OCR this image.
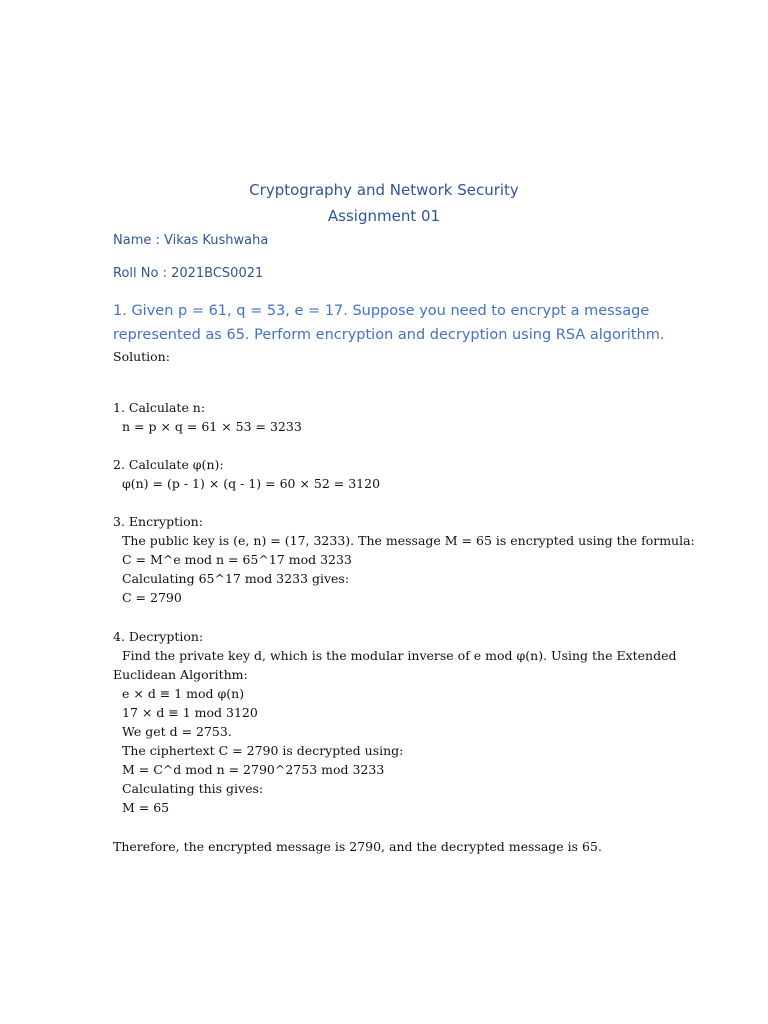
Cryptography and Network Security
Assignment 01
Name : Vikas Kushwaha
Roll No : 2021BCS0021
1. Given p = 61, q = 53, e = 17. Suppose you need to encrypt a message represented as 65. Perform encryption and decryption using RSA algorithm.
Solution:
1. Calculate n:
n = p × q = 61 × 53 = 3233
2. Calculate φ(n):
φ(n) = (p - 1) × (q - 1) = 60 × 52 = 3120
3. Encryption:
The public key is (e, n) = (17, 3233). The message M = 65 is encrypted using the formula:
C = M^e mod n = 65^17 mod 3233
Calculating 65^17 mod 3233 gives:
C = 2790
4. Decryption:
Find the private key d, which is the modular inverse of e mod φ(n). Using the Extended
Euclidean Algorithm:
e × d ≡ 1 mod φ(n)
17 × d ≡ 1 mod 3120
We get d = 2753.
The ciphertext C = 2790 is decrypted using:
M = C^d mod n = 2790^2753 mod 3233
Calculating this gives:
M = 65
Therefore, the encrypted message is 2790, and the decrypted message is 65.
